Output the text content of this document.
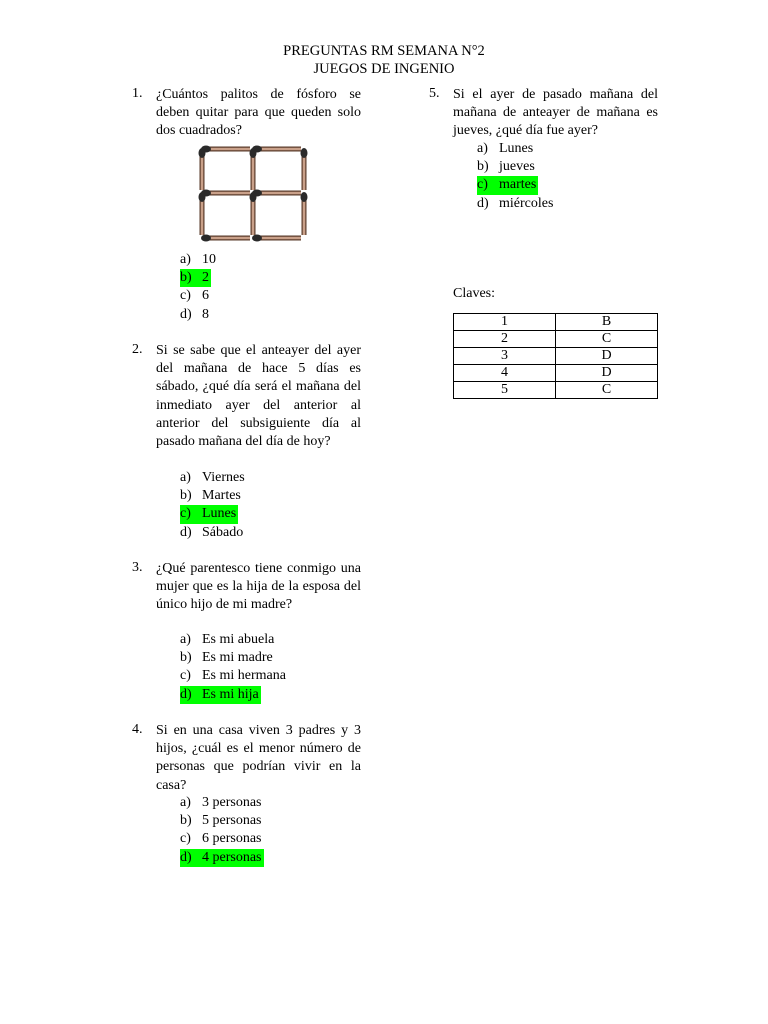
PREGUNTAS RM SEMANA N°2
JUEGOS DE INGENIO
1. ¿Cuántos palitos de fósforo se deben quitar para que queden solo dos cuadrados?
a) 10
b) 2
c) 6
d) 8
2. Si se sabe que el anteayer del ayer del mañana de hace 5 días es sábado, ¿qué día será el mañana del inmediato ayer del anterior al anterior del subsiguiente día al pasado mañana del día de hoy?
a) Viernes
b) Martes
c) Lunes
d) Sábado
3. ¿Qué parentesco tiene conmigo una mujer que es la hija de la esposa del único hijo de mi madre?
a) Es mi abuela
b) Es mi madre
c) Es mi hermana
d) Es mi hija
4. Si en una casa viven 3 padres y 3 hijos, ¿cuál es el menor número de personas que podrían vivir en la casa?
a) 3 personas
b) 5 personas
c) 6 personas
d) 4 personas
5. Si el ayer de pasado mañana del mañana de anteayer de mañana es jueves, ¿qué día fue ayer?
a) Lunes
b) jueves
c) martes
d) miércoles
Claves:
1	B
2	C
3	D
4	D
5	C
